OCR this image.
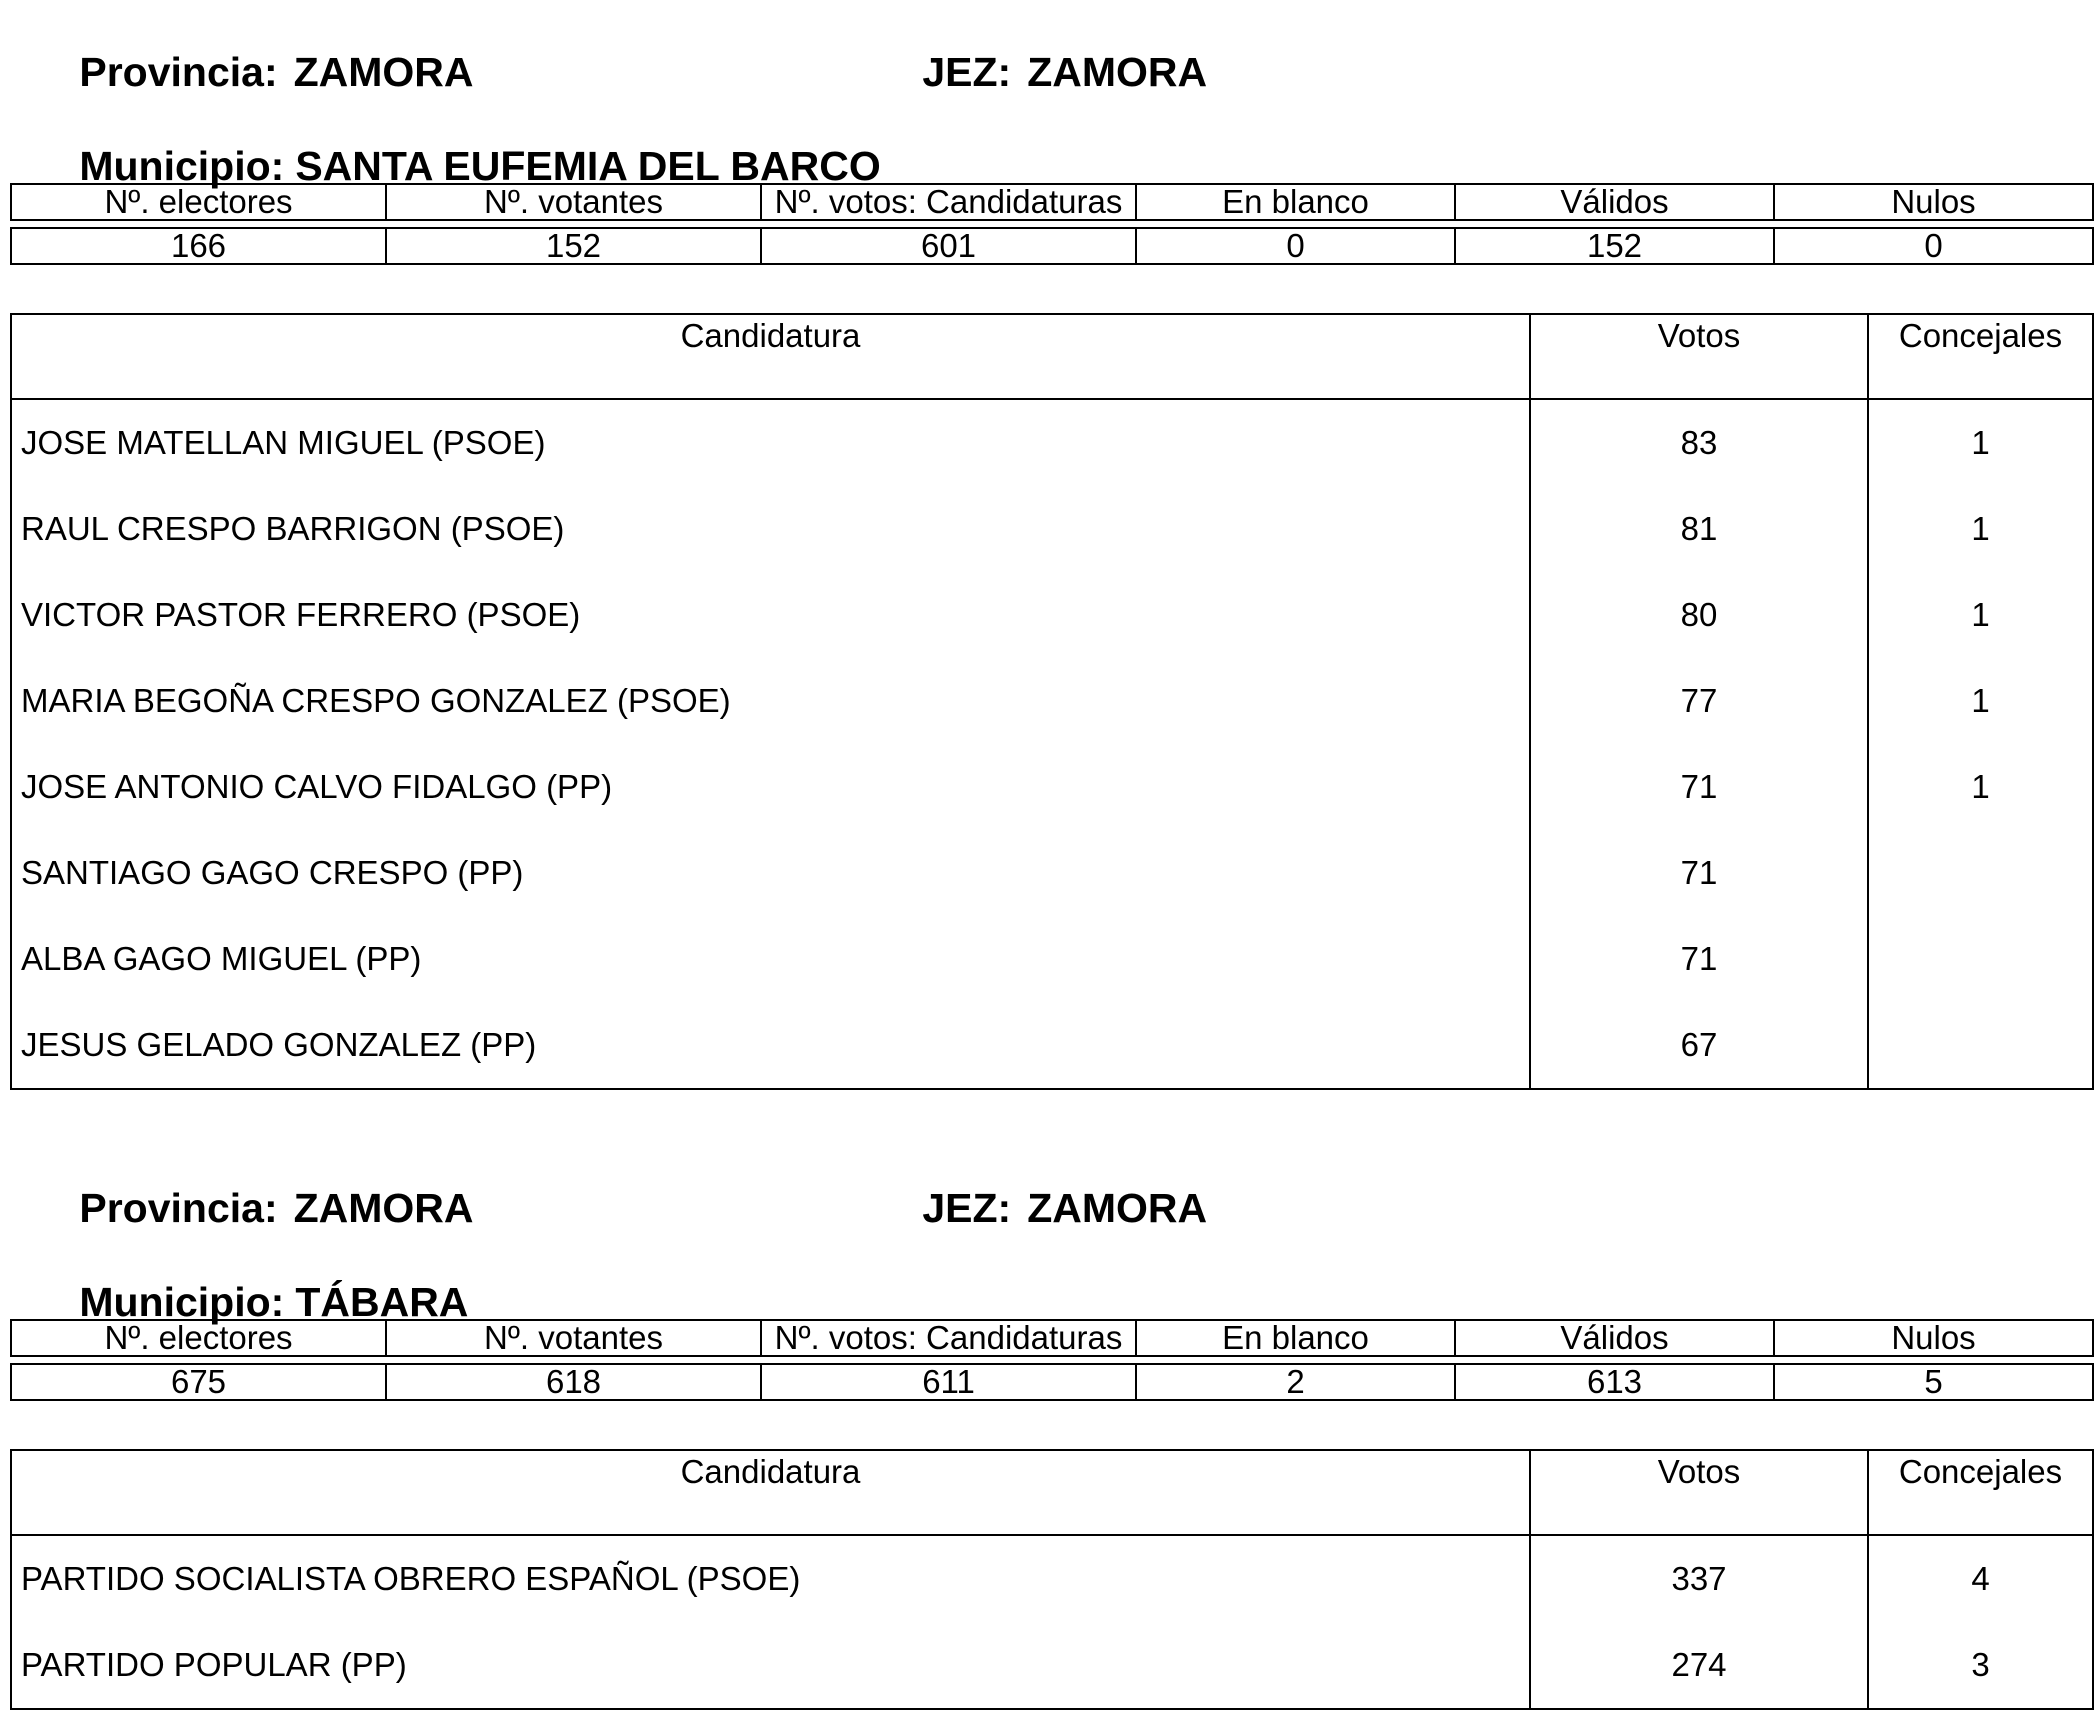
Provincia: ZAMORA
	JEZ: ZAMORA

Municipio: SANTA EUFEMIA DEL BARCO

Nº. electores	Nº. votantes	Nº. votos: Candidaturas	En blanco	Válidos	Nulos

166	152	601	0	152	0
Candidatura	Votos	Concejales
JOSE MATELLAN MIGUEL (PSOE)	83	1
RAUL CRESPO BARRIGON (PSOE)	81	1
VICTOR PASTOR FERRERO (PSOE)	80	1
MARIA BEGOÑA CRESPO GONZALEZ (PSOE)	77	1
JOSE ANTONIO CALVO FIDALGO (PP)	71	1
SANTIAGO GAGO CRESPO (PP)	71	
ALBA GAGO MIGUEL (PP)	71	
JESUS GELADO GONZALEZ (PP)	67	

Provincia: ZAMORA
	JEZ: ZAMORA

Municipio: TÁBARA

Nº. electores	Nº. votantes	Nº. votos: Candidaturas	En blanco	Válidos	Nulos

675	618	611	2	613	5
Candidatura	Votos	Concejales
PARTIDO SOCIALISTA OBRERO ESPAÑOL (PSOE)	337	4
PARTIDO POPULAR (PP)	274	3
